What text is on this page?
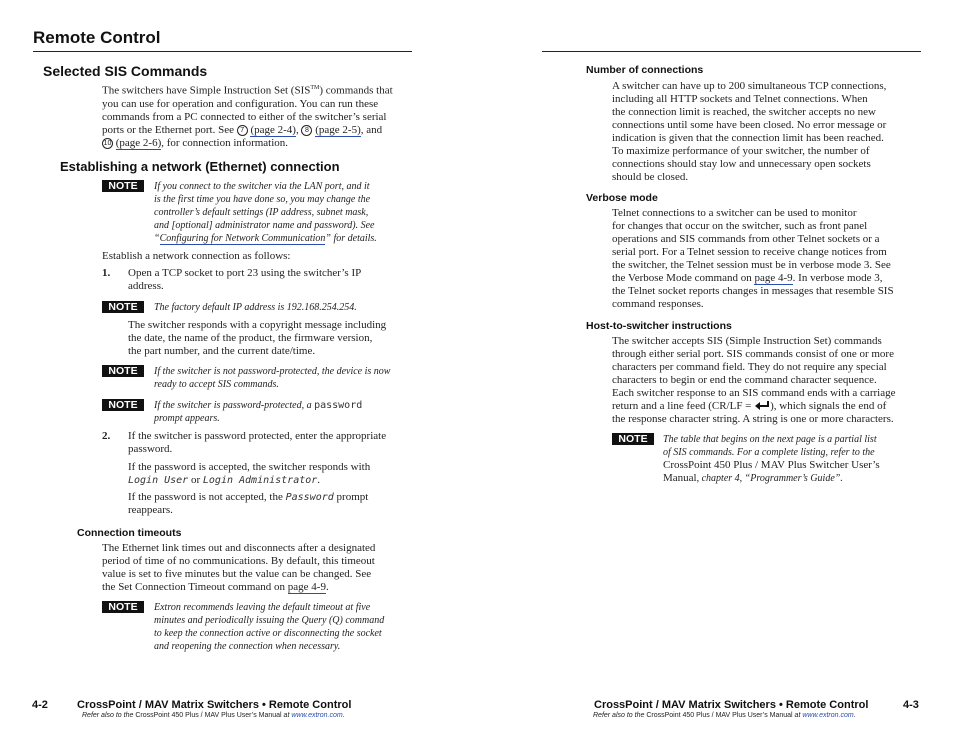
Remote Control
Selected SIS Commands

The switchers have Simple Instruction Set (SIS™) commands that

you can use for operation and configuration. You can run these

commands from a PC connected to either of the switcher’s serial

ports or the Ethernet port. See 7 (page 2-4), 8 (page 2-5), and

10 (page 2-6), for connection information.

Establishing a network (Ethernet) connection
NOTE	If you connect to the switcher via the LAN port, and it

is the first time you have done so, you may change the

controller’s default settings (IP address, subnet mask,

and [optional] administrator name and password). See

“Configuring for Network Communication” for details.

Establish a network connection as follows:

1. Open a TCP socket to port 23 using the switcher’s IP

address.

NOTE	The factory default IP address is 192.168.254.254.

The switcher responds with a copyright message including

the date, the name of the product, the firmware version,

the part number, and the current date/time.

NOTE	If the switcher is not password-protected, the device is now

ready to accept SIS commands.

NOTE	If the switcher is password-protected, a password

prompt appears.

2. If the switcher is password protected, enter the appropriate

password.

If the password is accepted, the switcher responds with

Login User or Login Administrator.

If the password is not accepted, the Password prompt

reappears.

Connection timeouts

The Ethernet link times out and disconnects after a designated

period of time of no communications. By default, this timeout

value is set to five minutes but the value can be changed. See

the Set Connection Timeout command on page 4-9.

NOTE	Extron recommends leaving the default timeout at five

minutes and periodically issuing the Query (Q) command

to keep the connection active or disconnecting the socket

and reopening the connection when necessary.

4-2	CrossPoint / MAV Matrix Switchers • Remote Control
Refer also to the CrossPoint 450 Plus / MAV Plus User’s Manual at www.extron.com.
Number of connections

A switcher can have up to 200 simultaneous TCP connections,

including all HTTP sockets and Telnet connections. When

the connection limit is reached, the switcher accepts no new

connections until some have been closed. No error message or

indication is given that the connection limit has been reached.

To maximize performance of your switcher, the number of

connections should stay low and unnecessary open sockets

should be closed.

Verbose mode

Telnet connections to a switcher can be used to monitor

for changes that occur on the switcher, such as front panel

operations and SIS commands from other Telnet sockets or a

serial port. For a Telnet session to receive change notices from

the switcher, the Telnet session must be in verbose mode 3. See

the Verbose Mode command on page 4-9. In verbose mode 3,

the Telnet socket reports changes in messages that resemble SIS

command responses.

Host-to-switcher instructions

The switcher accepts SIS (Simple Instruction Set) commands

through either serial port. SIS commands consist of one or more

characters per command field. They do not require any special

characters to begin or end the command character sequence.

Each switcher response to an SIS command ends with a carriage

return and a line feed (CR/LF = ), which signals the end of

the response character string. A string is one or more characters.

NOTE	The table that begins on the next page is a partial list

of SIS commands. For a complete listing, refer to the

CrossPoint 450 Plus / MAV Plus Switcher User’s

Manual, chapter 4, “Programmer’s Guide”.

CrossPoint / MAV Matrix Switchers • Remote Control	4-3
Refer also to the CrossPoint 450 Plus / MAV Plus User’s Manual at www.extron.com.
